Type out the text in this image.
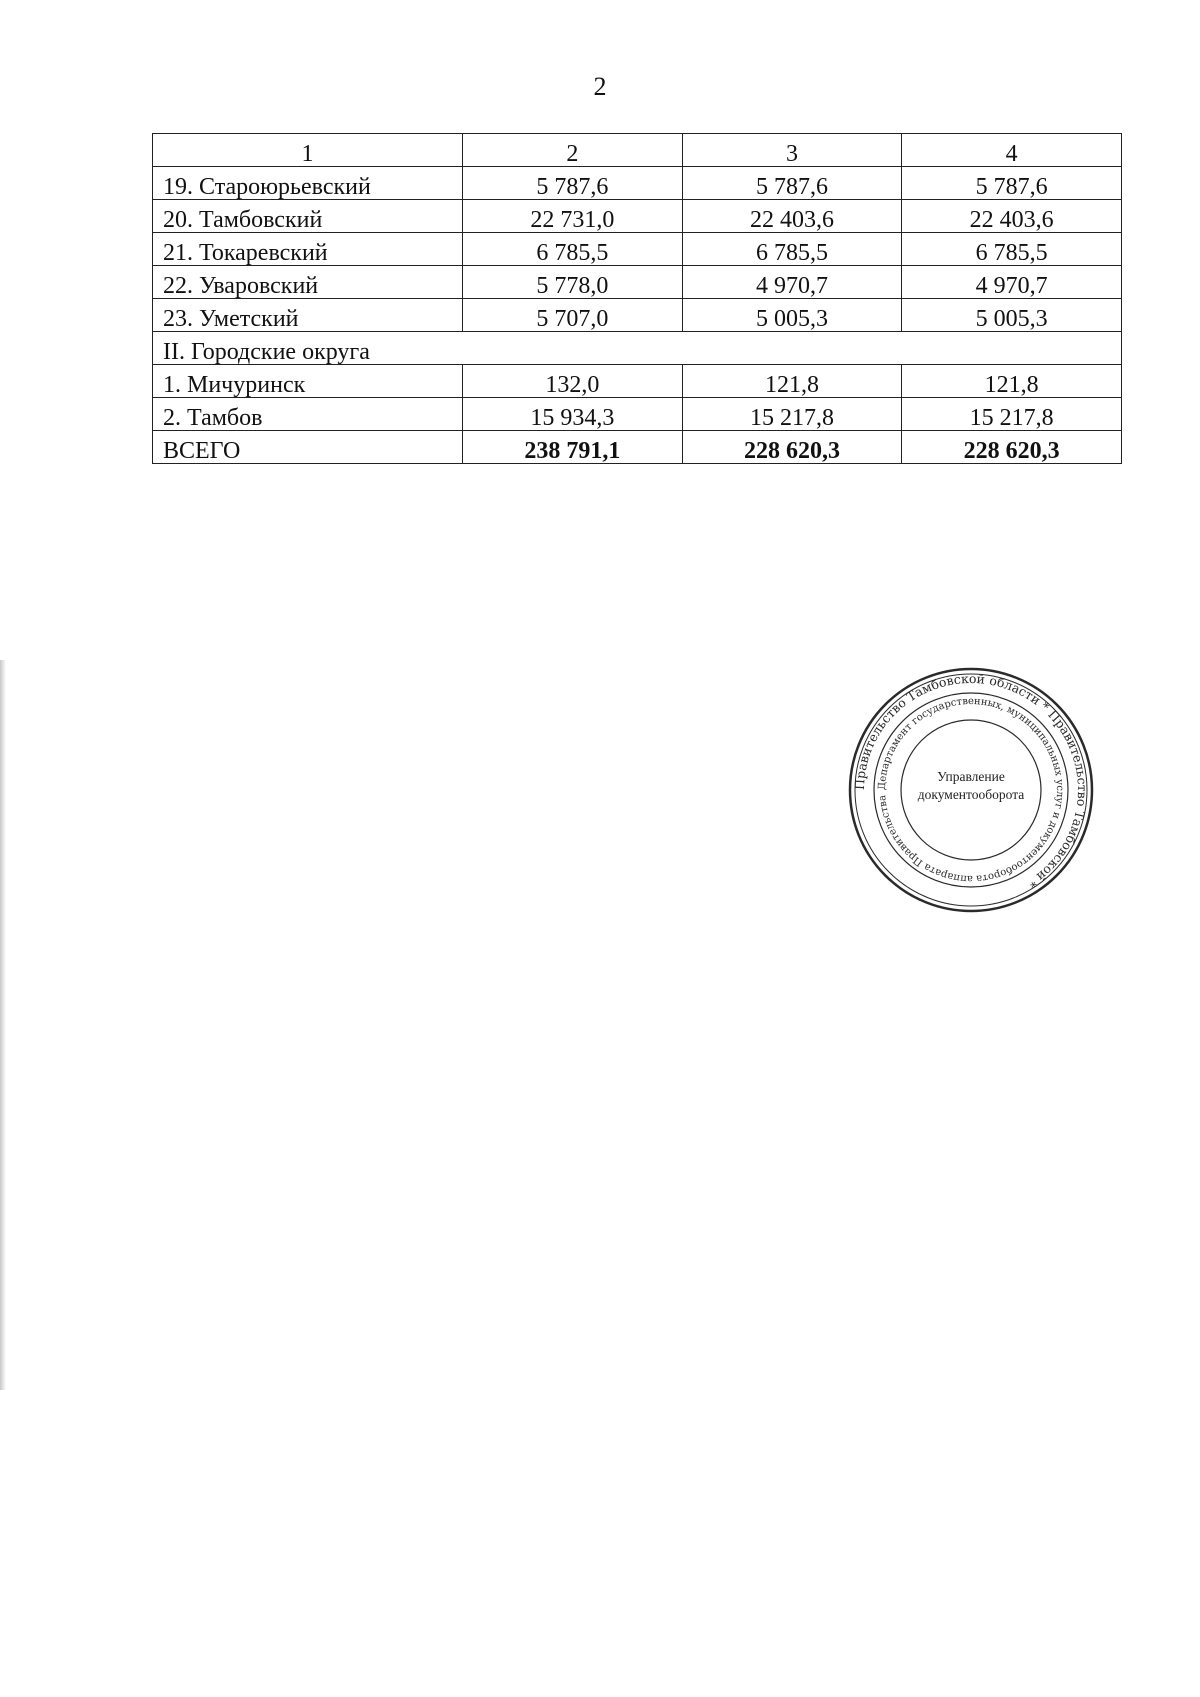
2
1	2	3	4
19. Староюрьевский	5 787,6	5 787,6	5 787,6
20. Тамбовский	22 731,0	22 403,6	22 403,6
21. Токаревский	6 785,5	6 785,5	6 785,5
22. Уваровский	5 778,0	4 970,7	4 970,7
23. Уметский	5 707,0	5 005,3	5 005,3
II. Городские округа			
1. Мичуринск	132,0	121,8	121,8
2. Тамбов	15 934,3	15 217,8	15 217,8
ВСЕГО	238 791,1	228 620,3	228 620,3
Правительство Тамбовской области * Правительство Тамбовской *
Департамент государственных, муниципальных услуг и документооборота аппарата Правительства
Управление
документооборота
